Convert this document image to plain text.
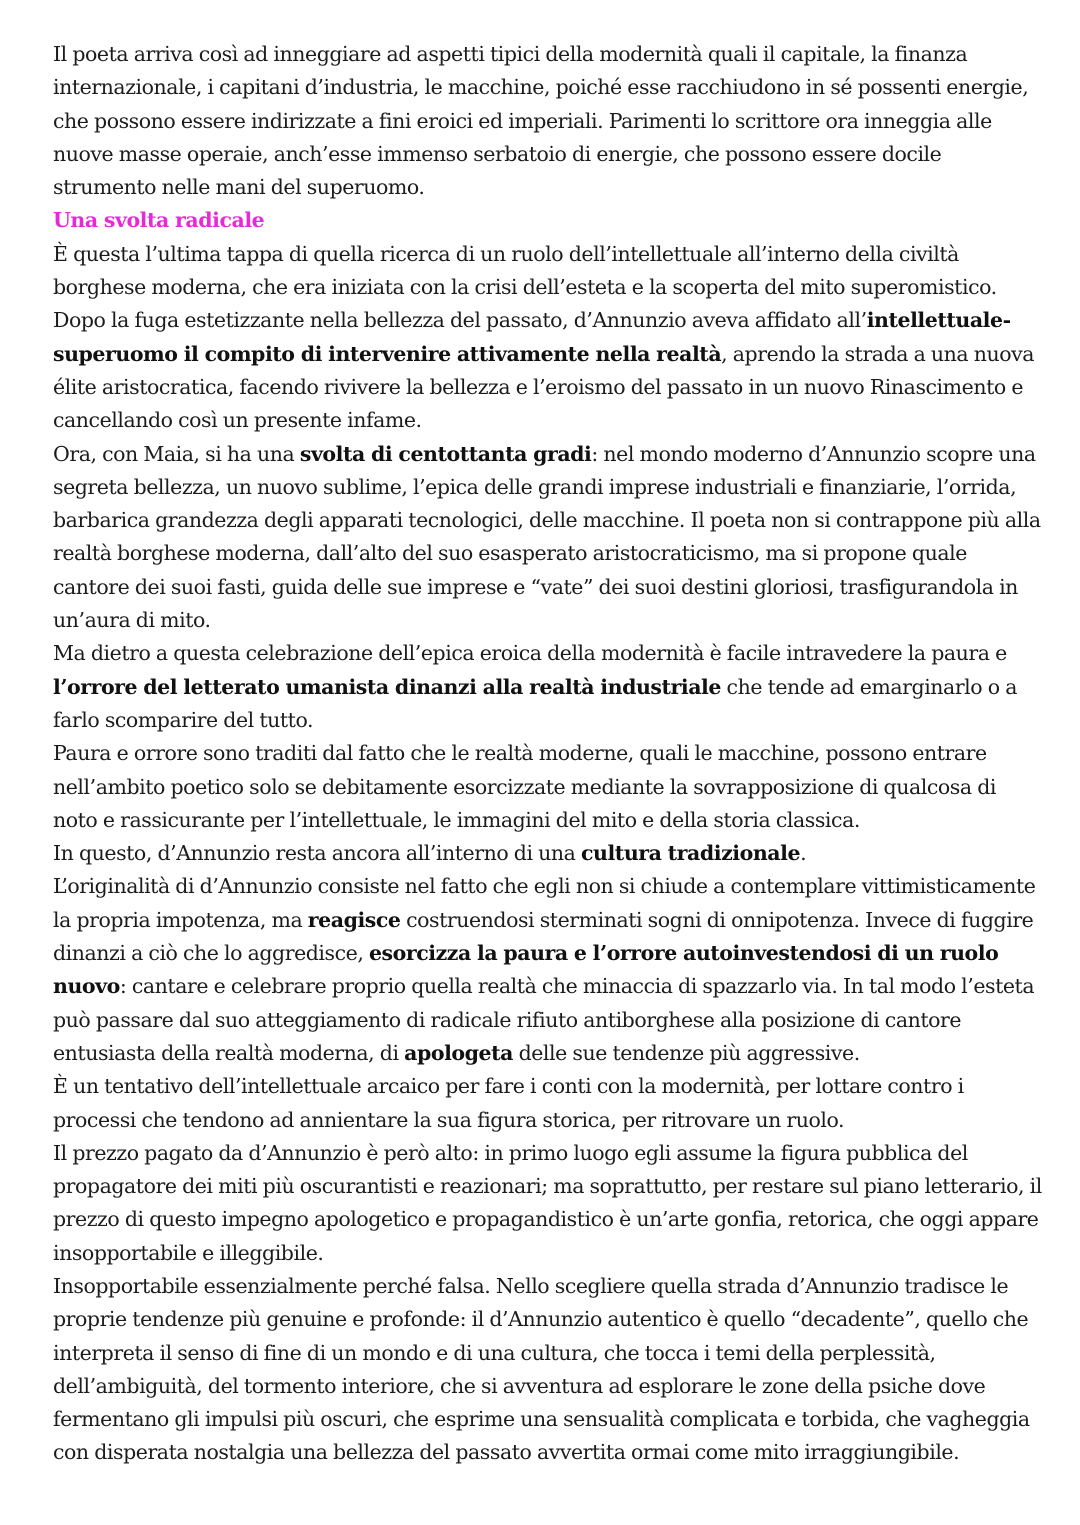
Il poeta arriva così ad inneggiare ad aspetti tipici della modernità quali il capitale, la finanza internazionale, i capitani d’industria, le macchine, poiché esse racchiudono in sé possenti energie, che possono essere indirizzate a fini eroici ed imperiali. Parimenti lo scrittore ora inneggia alle nuove masse operaie, anch’esse immenso serbatoio di energie, che possono essere docile strumento nelle mani del superuomo.

Una svolta radicale

È questa l’ultima tappa di quella ricerca di un ruolo dell’intellettuale all’interno della civiltà borghese moderna, che era iniziata con la crisi dell’esteta e la scoperta del mito superomistico.

Dopo la fuga estetizzante nella bellezza del passato, d’Annunzio aveva affidato all’intellettuale-superuomo il compito di intervenire attivamente nella realtà, aprendo la strada a una nuova élite aristocratica, facendo rivivere la bellezza e l’eroismo del passato in un nuovo Rinascimento e cancellando così un presente infame.

Ora, con Maia, si ha una svolta di centottanta gradi: nel mondo moderno d’Annunzio scopre una segreta bellezza, un nuovo sublime, l’epica delle grandi imprese industriali e finanziarie, l’orrida, barbarica grandezza degli apparati tecnologici, delle macchine. Il poeta non si contrappone più alla realtà borghese moderna, dall’alto del suo esasperato aristocraticismo, ma si propone quale cantore dei suoi fasti, guida delle sue imprese e “vate” dei suoi destini gloriosi, trasfigurandola in un’aura di mito.

Ma dietro a questa celebrazione dell’epica eroica della modernità è facile intravedere la paura e l’orrore del letterato umanista dinanzi alla realtà industriale che tende ad emarginarlo o a farlo scomparire del tutto.

Paura e orrore sono traditi dal fatto che le realtà moderne, quali le macchine, possono entrare nell’ambito poetico solo se debitamente esorcizzate mediante la sovrapposizione di qualcosa di noto e rassicurante per l’intellettuale, le immagini del mito e della storia classica.

In questo, d’Annunzio resta ancora all’interno di una cultura tradizionale.

L’originalità di d’Annunzio consiste nel fatto che egli non si chiude a contemplare vittimisticamente la propria impotenza, ma reagisce costruendosi sterminati sogni di onnipotenza. Invece di fuggire dinanzi a ciò che lo aggredisce, esorcizza la paura e l’orrore autoinvestendosi di un ruolo nuovo: cantare e celebrare proprio quella realtà che minaccia di spazzarlo via. In tal modo l’esteta può passare dal suo atteggiamento di radicale rifiuto antiborghese alla posizione di cantore entusiasta della realtà moderna, di apologeta delle sue tendenze più aggressive.

È un tentativo dell’intellettuale arcaico per fare i conti con la modernità, per lottare contro i processi che tendono ad annientare la sua figura storica, per ritrovare un ruolo.

Il prezzo pagato da d’Annunzio è però alto: in primo luogo egli assume la figura pubblica del propagatore dei miti più oscurantisti e reazionari; ma soprattutto, per restare sul piano letterario, il prezzo di questo impegno apologetico e propagandistico è un’arte gonfia, retorica, che oggi appare insopportabile e illeggibile.

Insopportabile essenzialmente perché falsa. Nello scegliere quella strada d’Annunzio tradisce le proprie tendenze più genuine e profonde: il d’Annunzio autentico è quello “decadente”, quello che interpreta il senso di fine di un mondo e di una cultura, che tocca i temi della perplessità, dell’ambiguità, del tormento interiore, che si avventura ad esplorare le zone della psiche dove fermentano gli impulsi più oscuri, che esprime una sensualità complicata e torbida, che vagheggia con disperata nostalgia una bellezza del passato avvertita ormai come mito irraggiungibile.
